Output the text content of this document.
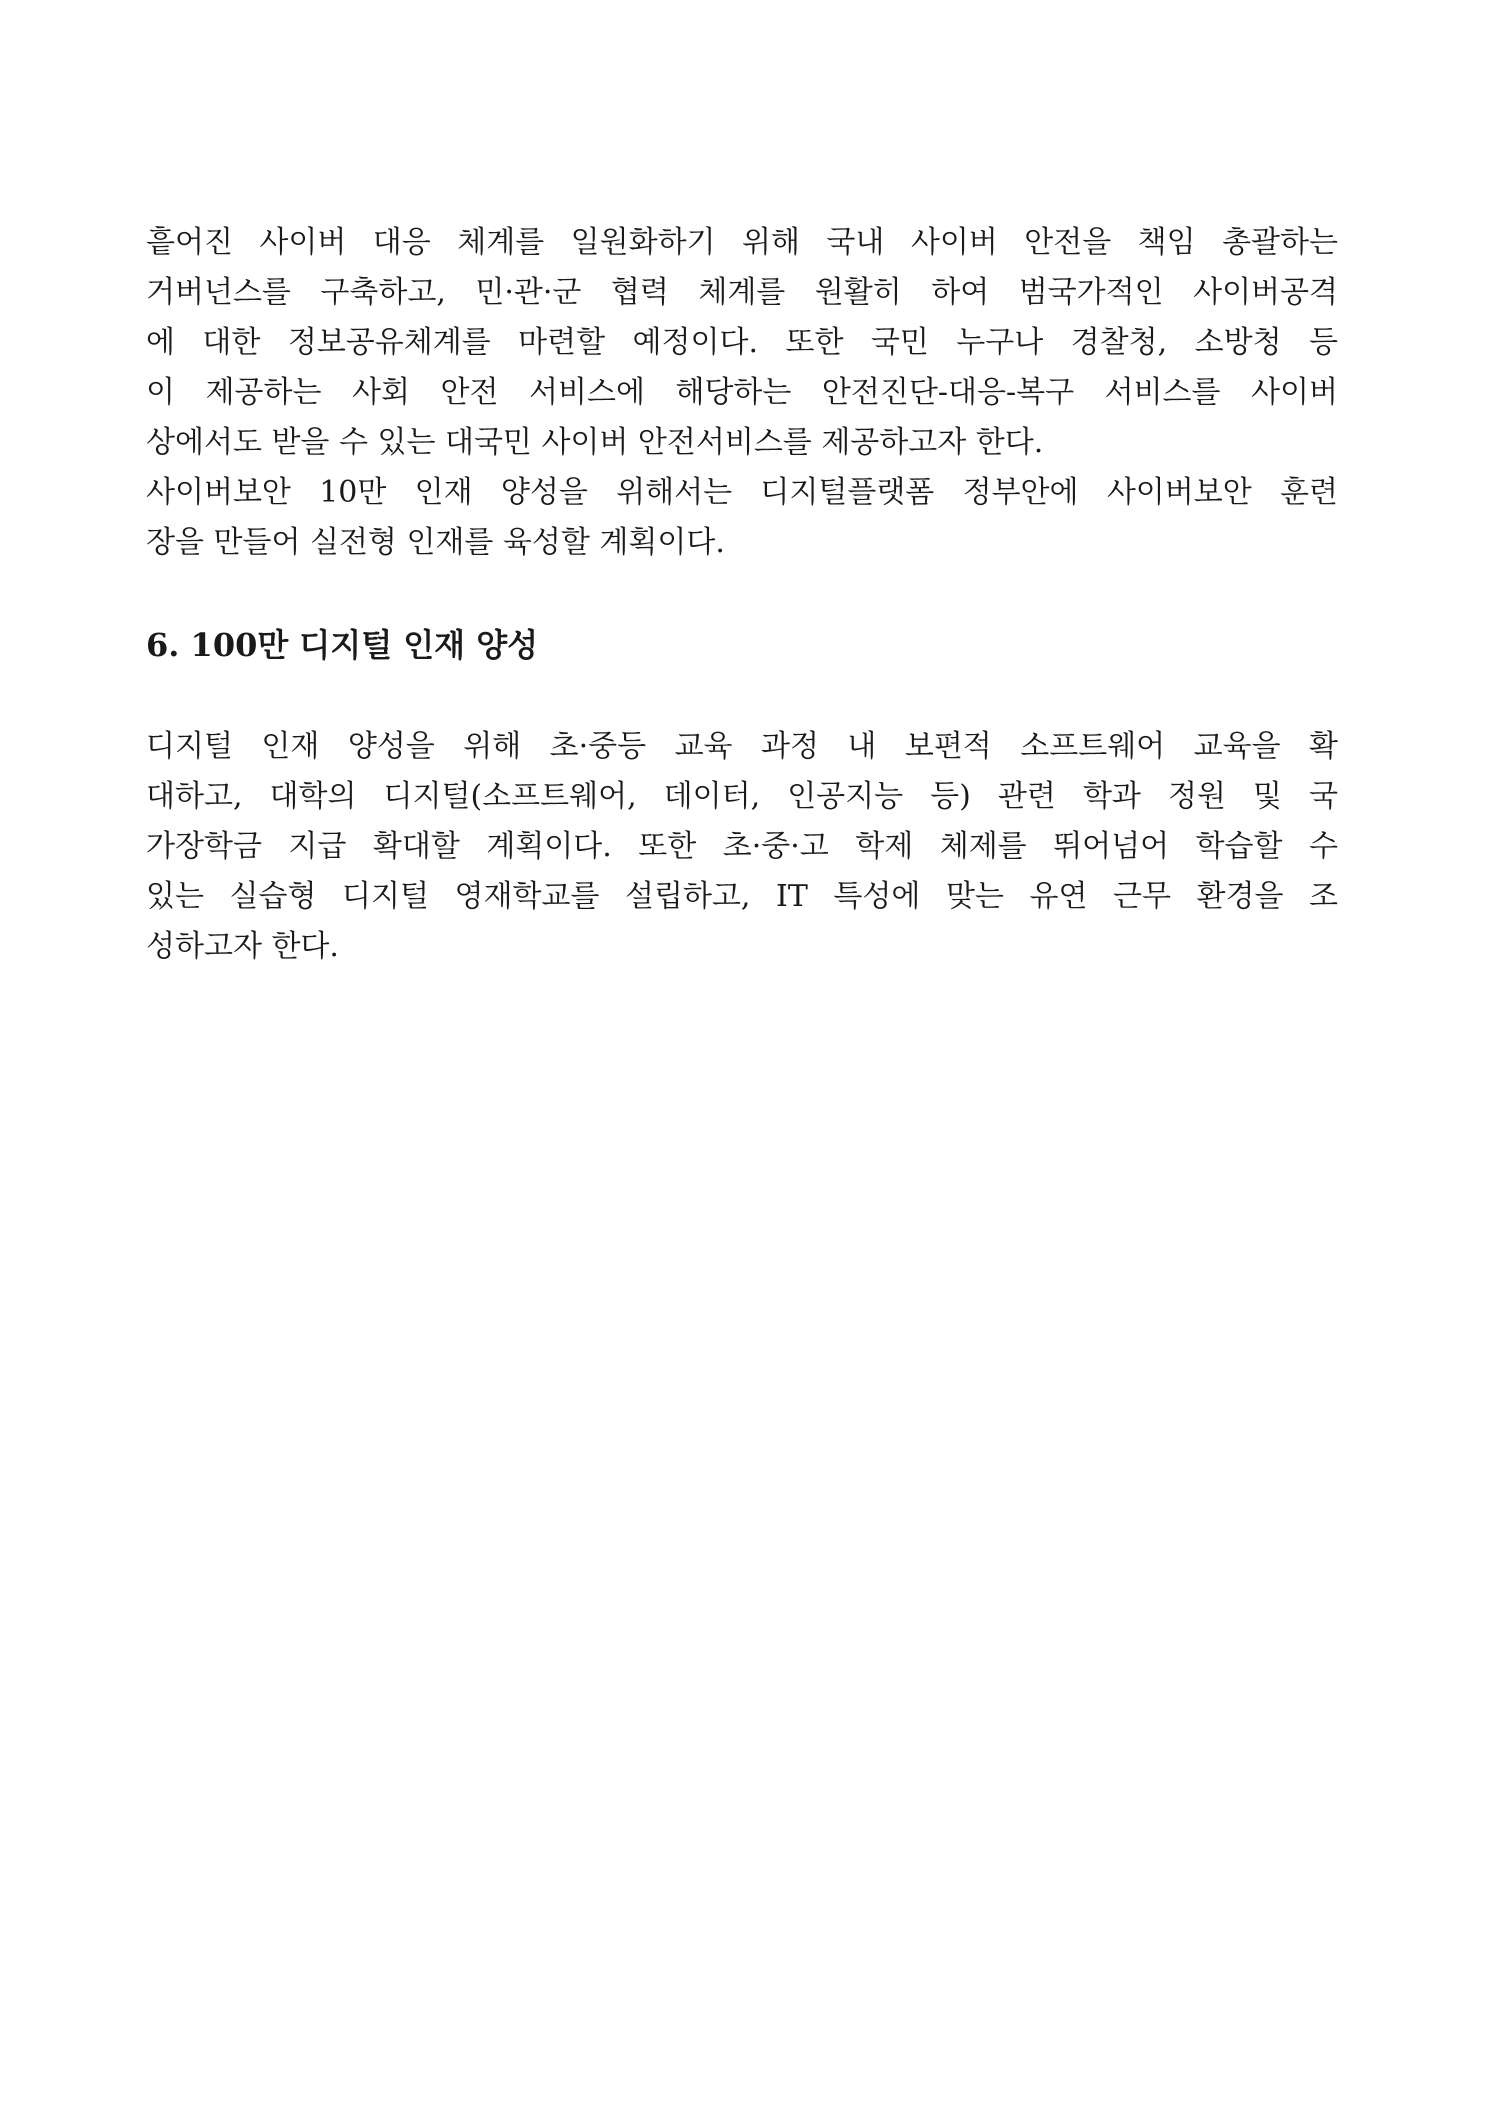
흩어진 사이버 대응 체계를 일원화하기 위해 국내 사이버 안전을 책임 총괄하는
거버넌스를 구축하고, 민·관·군 협력 체계를 원활히 하여 범국가적인 사이버공격
에 대한 정보공유체계를 마련할 예정이다. 또한 국민 누구나 경찰청, 소방청 등
이 제공하는 사회 안전 서비스에 해당하는 안전진단-대응-복구 서비스를 사이버
상에서도 받을 수 있는 대국민 사이버 안전서비스를 제공하고자 한다.

사이버보안 10만 인재 양성을 위해서는 디지털플랫폼 정부안에 사이버보안 훈련
장을 만들어 실전형 인재를 육성할 계획이다.

6. 100만 디지털 인재 양성

디지털 인재 양성을 위해 초·중등 교육 과정 내 보편적 소프트웨어 교육을 확
대하고, 대학의 디지털(소프트웨어, 데이터, 인공지능 등) 관련 학과 정원 및 국
가장학금 지급 확대할 계획이다. 또한 초·중·고 학제 체제를 뛰어넘어 학습할 수
있는 실습형 디지털 영재학교를 설립하고, IT 특성에 맞는 유연 근무 환경을 조
성하고자 한다.
